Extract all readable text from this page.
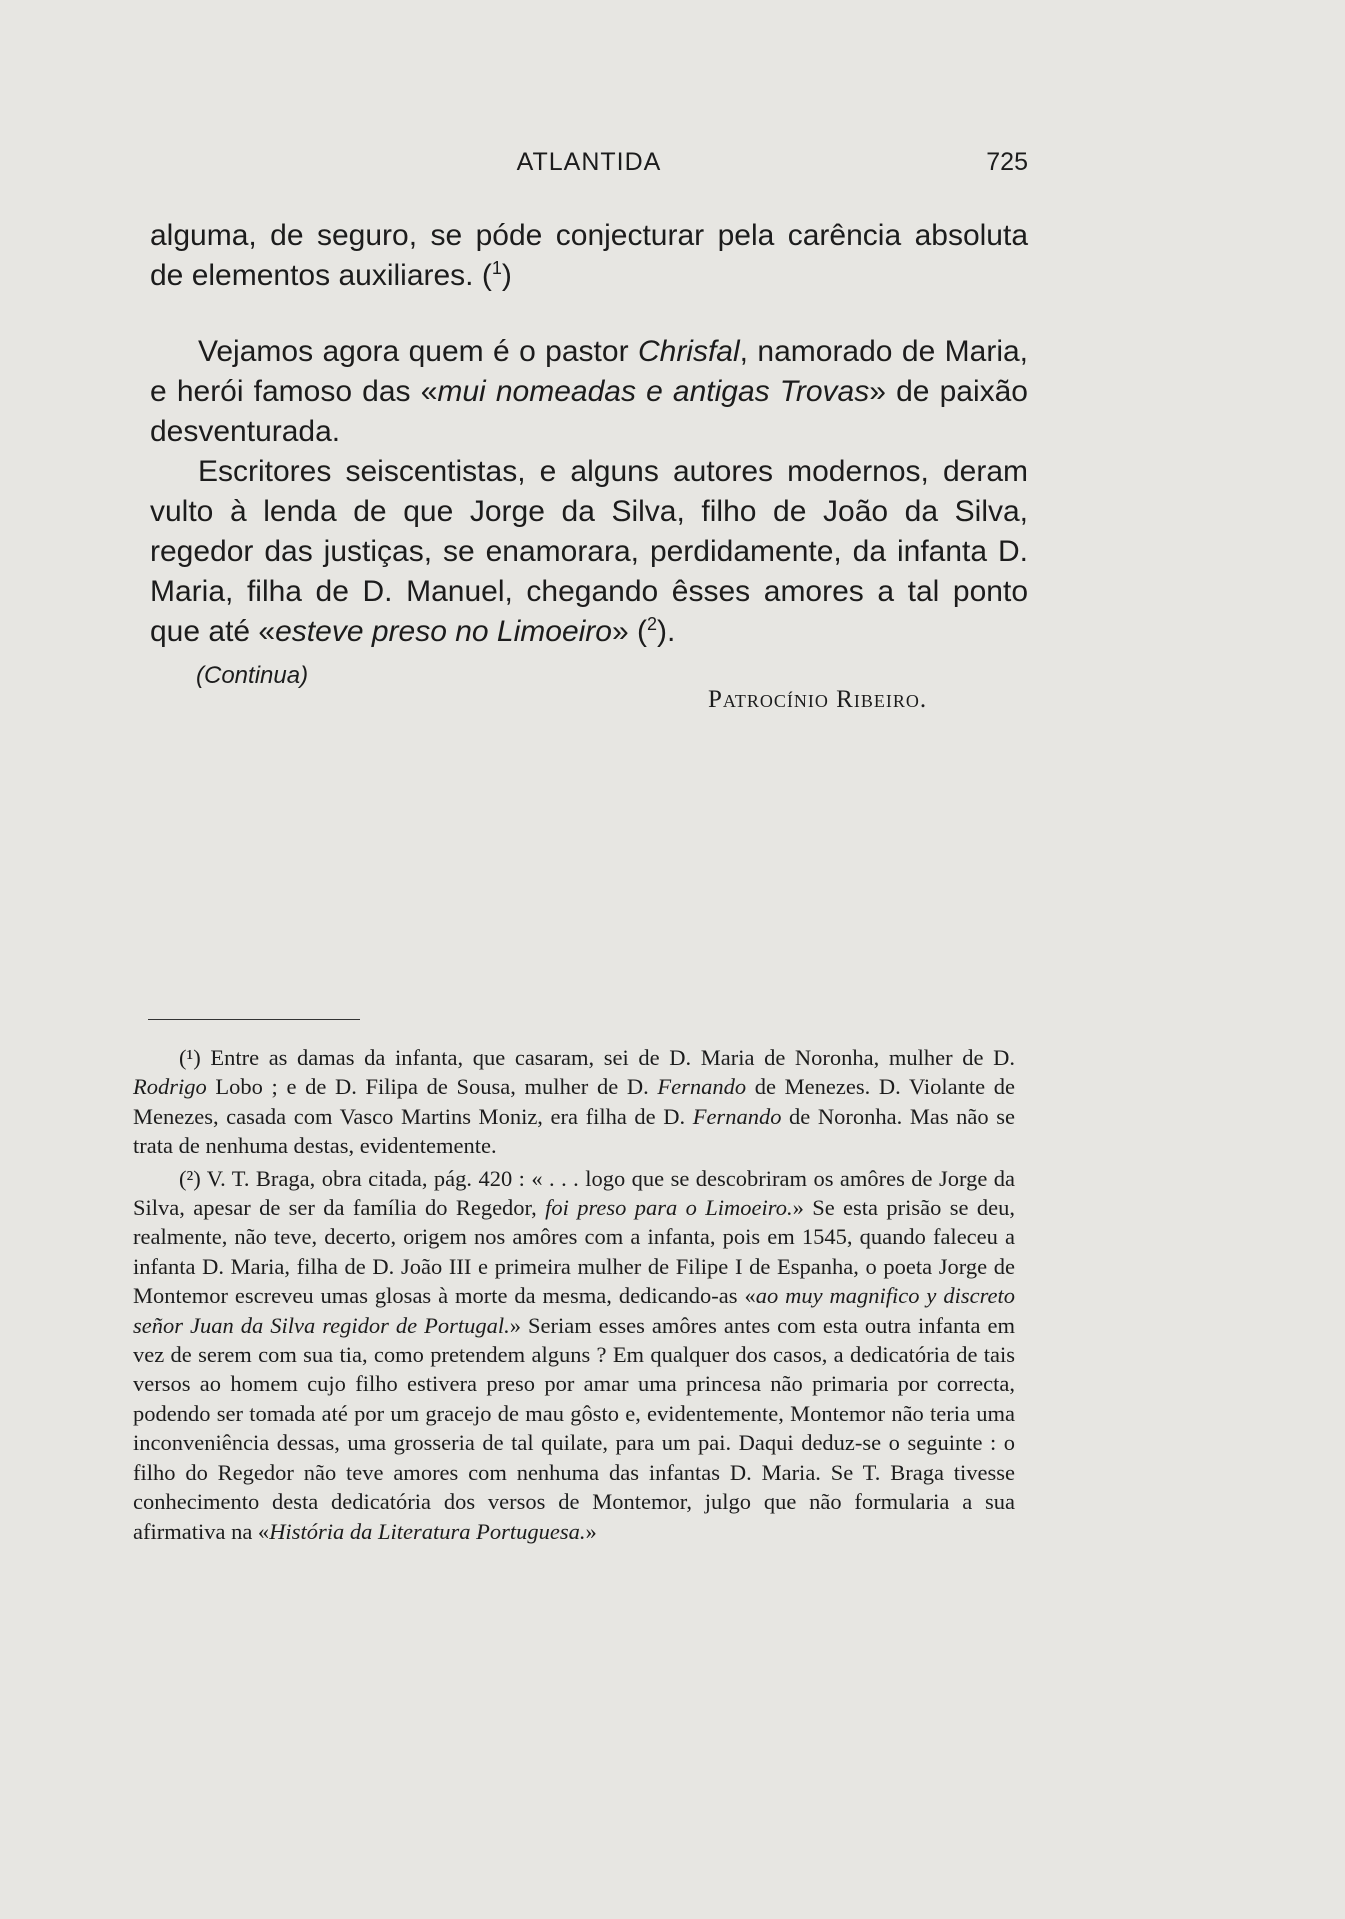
ATLANTIDA	725

alguma, de seguro, se póde conjecturar pela carência absoluta de elementos auxiliares. ($^1$)

Vejamos agora quem é o pastor Chrisfal, namorado de Maria, e herói famoso das «mui nomeadas e antigas Trovas» de paixão desventurada.

Escritores seiscentistas, e alguns autores modernos, deram vulto à lenda de que Jorge da Silva, filho de João da Silva, regedor das justiças, se enamorara, perdidamente, da infanta D. Maria, filha de D. Manuel, chegando êsses amores a tal ponto que até «esteve preso no Limoeiro» ($^2$).

(Continua)
Patrocínio Ribeiro.

(¹) Entre as damas da infanta, que casaram, sei de D. Maria de Noronha, mulher de D. Rodrigo Lobo ; e de D. Filipa de Sousa, mulher de D. Fernando de Menezes. D. Violante de Menezes, casada com Vasco Martins Moniz, era filha de D. Fernando de Noronha. Mas não se trata de nenhuma destas, evidentemente.

(²) V. T. Braga, obra citada, pág. 420 : « . . . logo que se descobriram os amôres de Jorge da Silva, apesar de ser da família do Regedor, foi preso para o Limoeiro.» Se esta prisão se deu, realmente, não teve, decerto, origem nos amôres com a infanta, pois em 1545, quando faleceu a infanta D. Maria, filha de D. João III e primeira mulher de Filipe I de Espanha, o poeta Jorge de Montemor escreveu umas glosas à morte da mesma, dedicando-as «ao muy magnifico y discreto señor Juan da Silva regidor de Portugal.» Seriam esses amôres antes com esta outra infanta em vez de serem com sua tia, como pretendem alguns ? Em qualquer dos casos, a dedicatória de tais versos ao homem cujo filho estivera preso por amar uma princesa não primaria por correcta, podendo ser tomada até por um gracejo de mau gôsto e, evidentemente, Montemor não teria uma inconveniência dessas, uma grosseria de tal quilate, para um pai. Daqui deduz-se o seguinte : o filho do Regedor não teve amores com nenhuma das infantas D. Maria. Se T. Braga tivesse conhecimento desta dedicatória dos versos de Montemor, julgo que não formularia a sua afirmativa na «História da Literatura Portuguesa.»
